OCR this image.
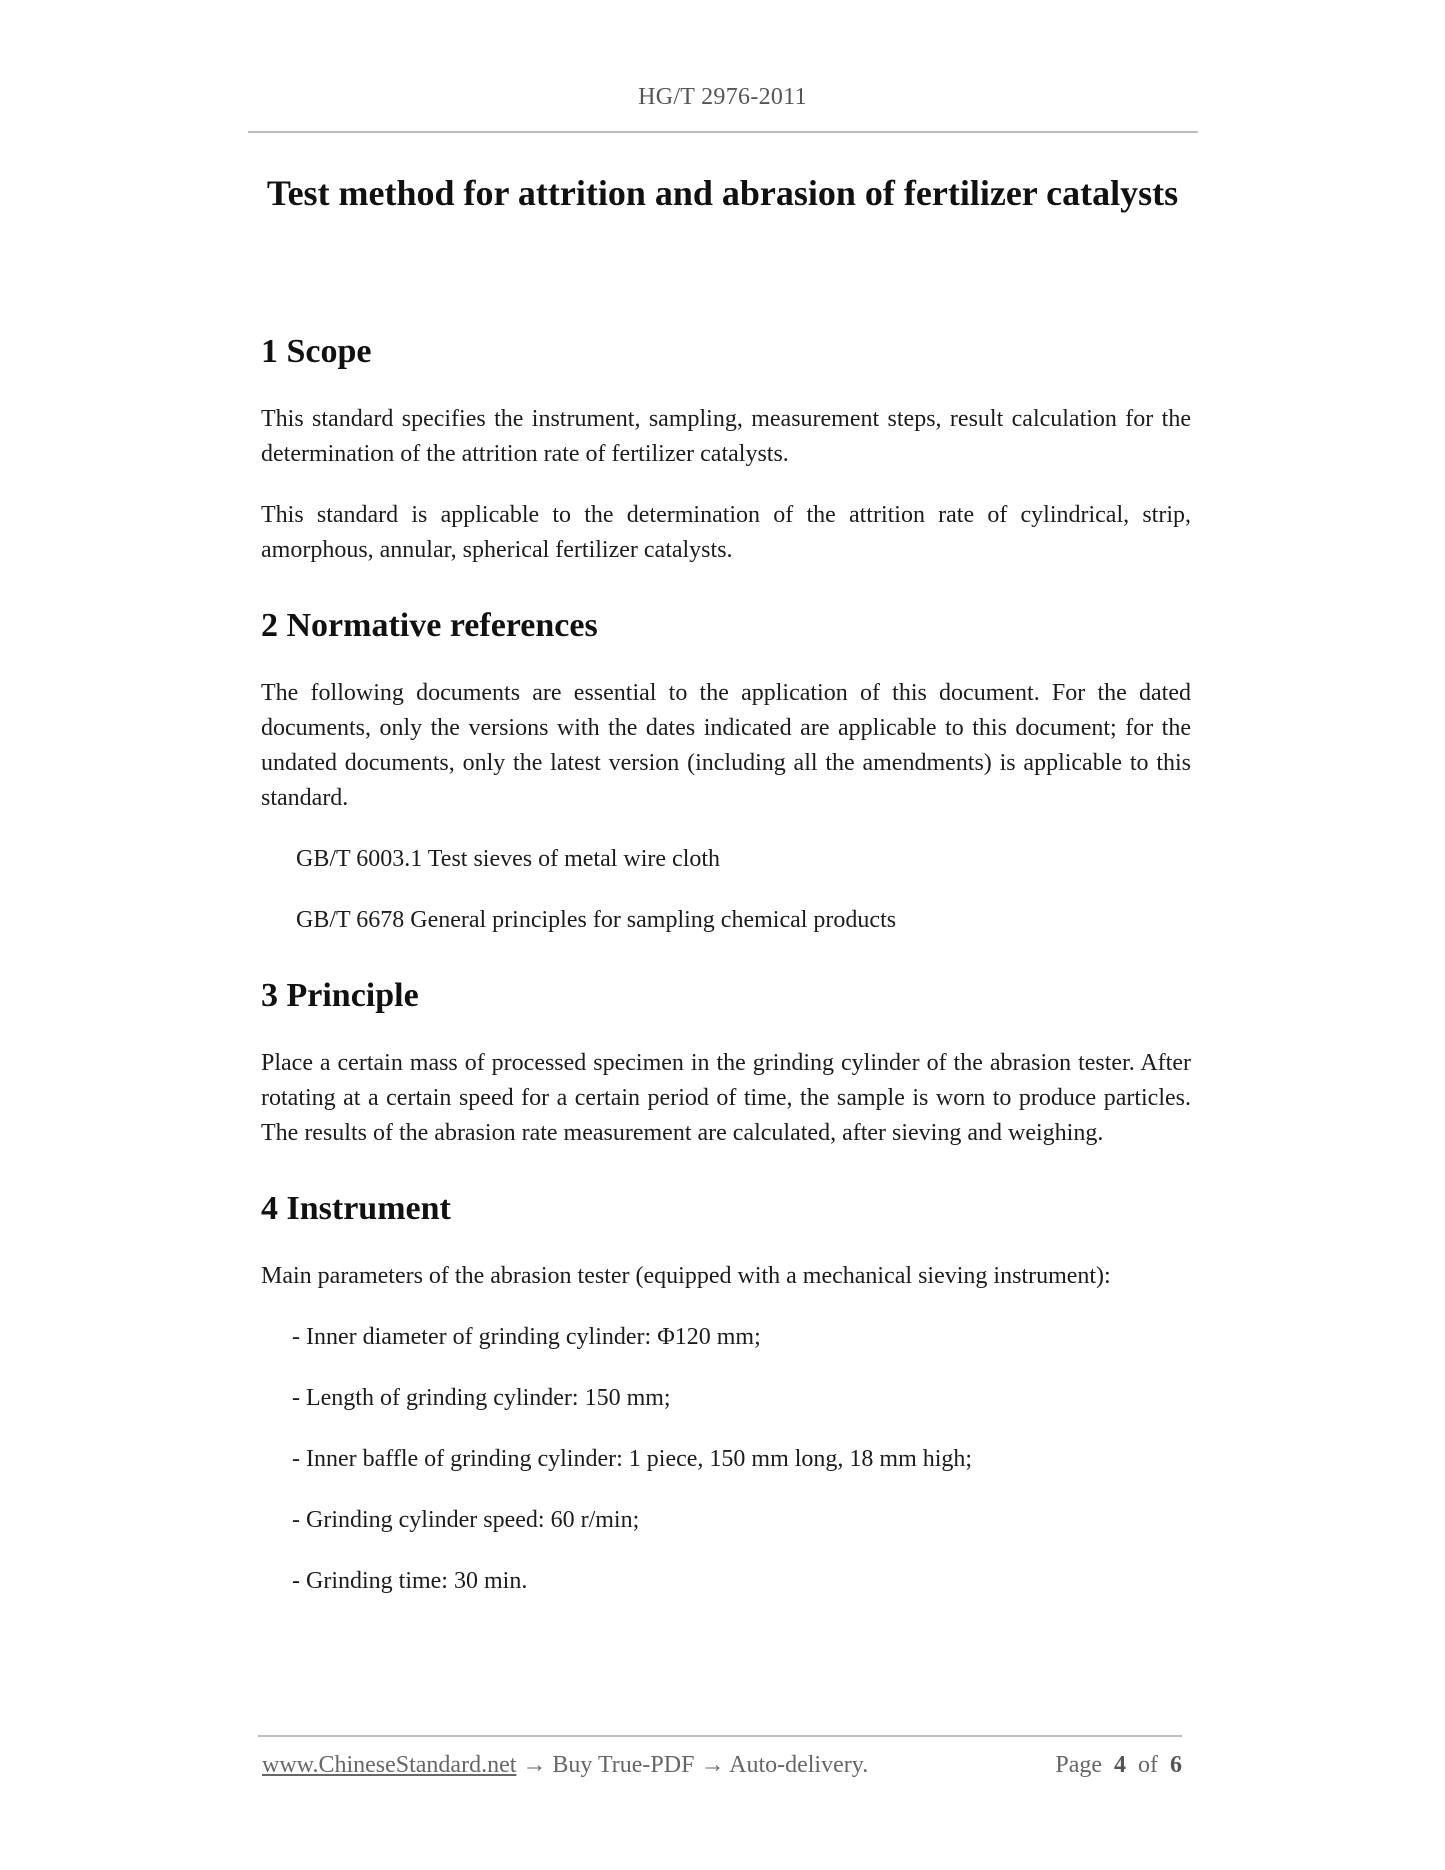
HG/T 2976-2011
Test method for attrition and abrasion of fertilizer catalysts
1 Scope

This standard specifies the instrument, sampling, measurement steps, result calculation for the determination of the attrition rate of fertilizer catalysts.

This standard is applicable to the determination of the attrition rate of cylindrical, strip, amorphous, annular, spherical fertilizer catalysts.

2 Normative references

The following documents are essential to the application of this document. For the dated documents, only the versions with the dates indicated are applicable to this document; for the undated documents, only the latest version (including all the amendments) is applicable to this standard.

GB/T 6003.1 Test sieves of metal wire cloth

GB/T 6678 General principles for sampling chemical products

3 Principle

Place a certain mass of processed specimen in the grinding cylinder of the abrasion tester. After rotating at a certain speed for a certain period of time, the sample is worn to produce particles. The results of the abrasion rate measurement are calculated, after sieving and weighing.

4 Instrument

Main parameters of the abrasion tester (equipped with a mechanical sieving instrument):

- Inner diameter of grinding cylinder: Φ120 mm;

- Length of grinding cylinder: 150 mm;

- Inner baffle of grinding cylinder: 1 piece, 150 mm long, 18 mm high;

- Grinding cylinder speed: 60 r/min;

- Grinding time: 30 min.

www.ChineseStandard.net → Buy True-PDF → Auto-delivery.	Page 4 of 6
